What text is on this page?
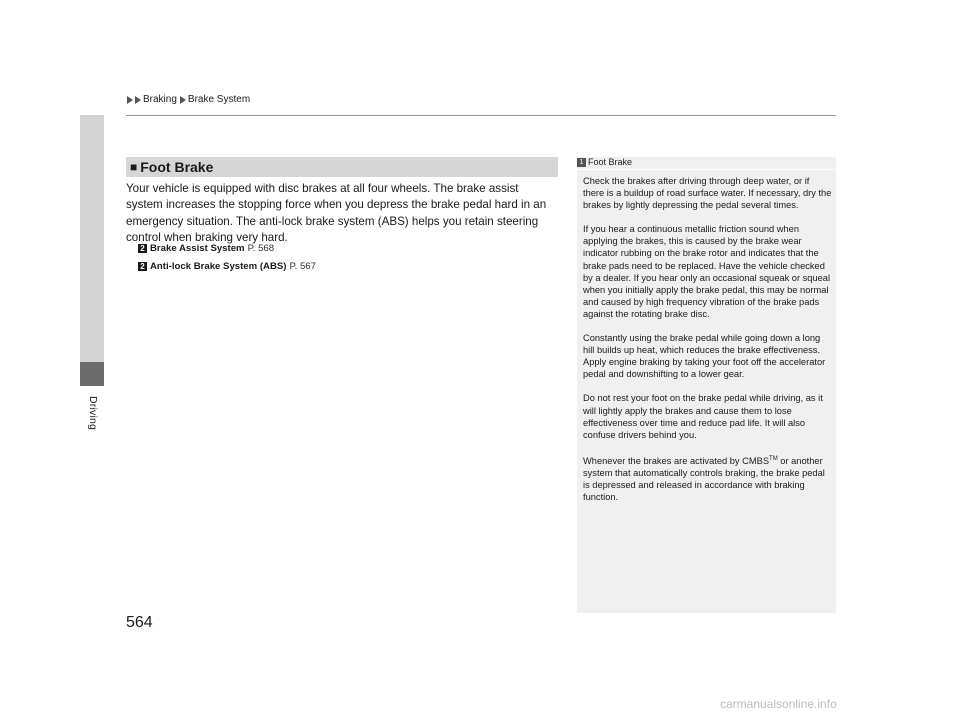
Braking Brake System
Driving
■ Foot Brake

Your vehicle is equipped with disc brakes at all four wheels. The brake assist system increases the stopping force when you depress the brake pedal hard in an emergency situation. The anti-lock brake system (ABS) helps you retain steering control when braking very hard.

2 Brake Assist System P. 568
2 Anti-lock Brake System (ABS) P. 567
1 Foot Brake

Check the brakes after driving through deep water, or if there is a buildup of road surface water. If necessary, dry the brakes by lightly depressing the pedal several times.

If you hear a continuous metallic friction sound when applying the brakes, this is caused by the brake wear indicator rubbing on the brake rotor and indicates that the brake pads need to be replaced. Have the vehicle checked by a dealer. If you hear only an occasional squeak or squeal when you initially apply the brake pedal, this may be normal and caused by high frequency vibration of the brake pads against the rotating brake disc.

Constantly using the brake pedal while going down a long hill builds up heat, which reduces the brake effectiveness. Apply engine braking by taking your foot off the accelerator pedal and downshifting to a lower gear.

Do not rest your foot on the brake pedal while driving, as it will lightly apply the brakes and cause them to lose effectiveness over time and reduce pad life. It will also confuse drivers behind you.

Whenever the brakes are activated by CMBS™ or another system that automatically controls braking, the brake pedal is depressed and released in accordance with braking function.

564
carmanualsonline.info
